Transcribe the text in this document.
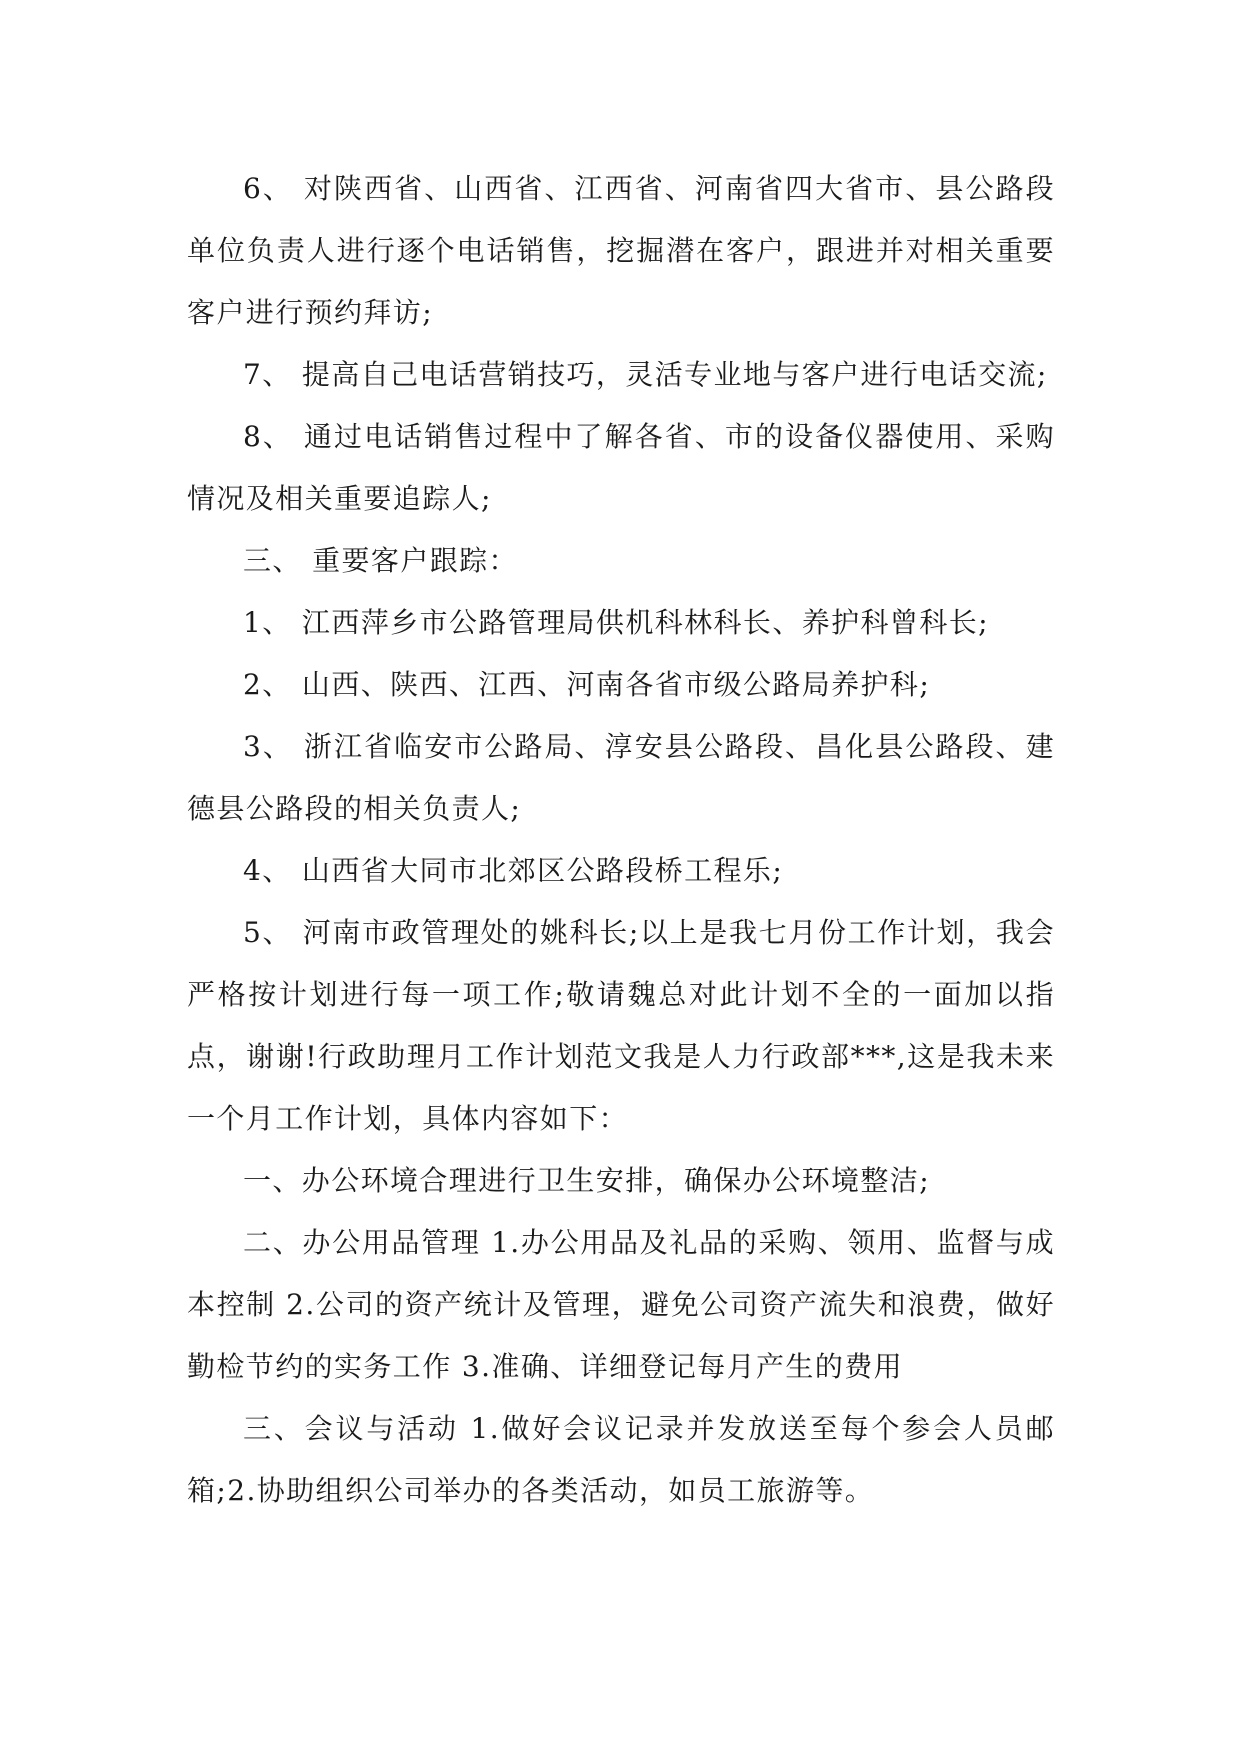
6、 对陕西省、山西省、江西省、河南省四大省市、县公路段单位负责人进行逐个电话销售，挖掘潜在客户，跟进并对相关重要客户进行预约拜访;

7、 提高自己电话营销技巧，灵活专业地与客户进行电话交流;

8、 通过电话销售过程中了解各省、市的设备仪器使用、采购情况及相关重要追踪人;

三、 重要客户跟踪：

1、 江西萍乡市公路管理局供机科林科长、养护科曾科长;

2、 山西、陕西、江西、河南各省市级公路局养护科;

3、 浙江省临安市公路局、淳安县公路段、昌化县公路段、建德县公路段的相关负责人;

4、 山西省大同市北郊区公路段桥工程乐;

5、 河南市政管理处的姚科长;以上是我七月份工作计划，我会严格按计划进行每一项工作;敬请魏总对此计划不全的一面加以指点，谢谢!行政助理月工作计划范文我是人力行政部***,这是我未来一个月工作计划，具体内容如下：

一、办公环境合理进行卫生安排，确保办公环境整洁;

二、办公用品管理 1.办公用品及礼品的采购、领用、监督与成本控制 2.公司的资产统计及管理，避免公司资产流失和浪费，做好勤检节约的实务工作 3.准确、详细登记每月产生的费用

三、会议与活动 1.做好会议记录并发放送至每个参会人员邮箱;2.协助组织公司举办的各类活动，如员工旅游等。
